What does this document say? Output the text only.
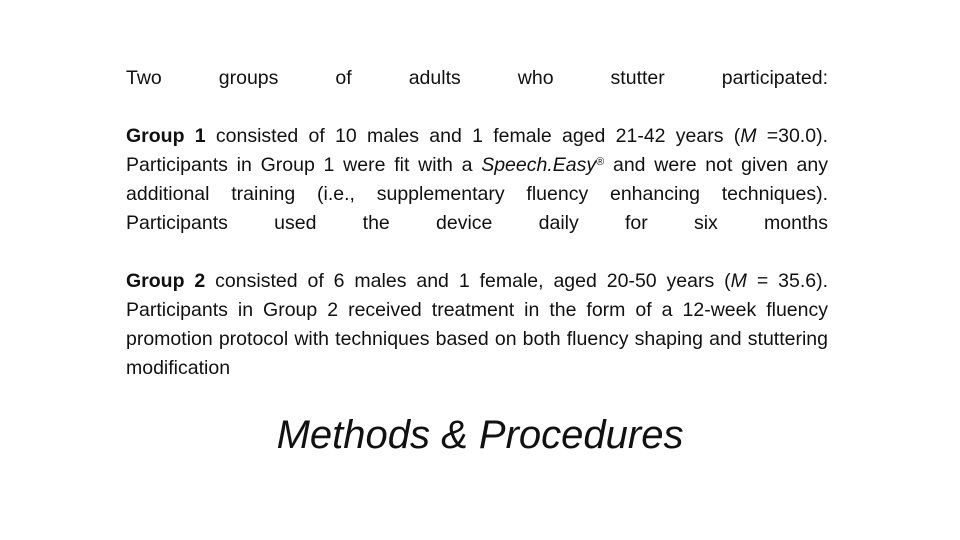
Two groups of adults who stutter participated:
Group 1 consisted of 10 males and 1 female aged 21-42 years (M =30.0). Participants in Group 1 were fit with a Speech.Easy® and were not given any additional training (i.e., supplementary fluency enhancing techniques). Participants used the device daily for six months
Group 2 consisted of 6 males and 1 female, aged 20-50 years (M = 35.6). Participants in Group 2 received treatment in the form of a 12-week fluency promotion protocol with techniques based on both fluency shaping and stuttering modification
Methods & Procedures
